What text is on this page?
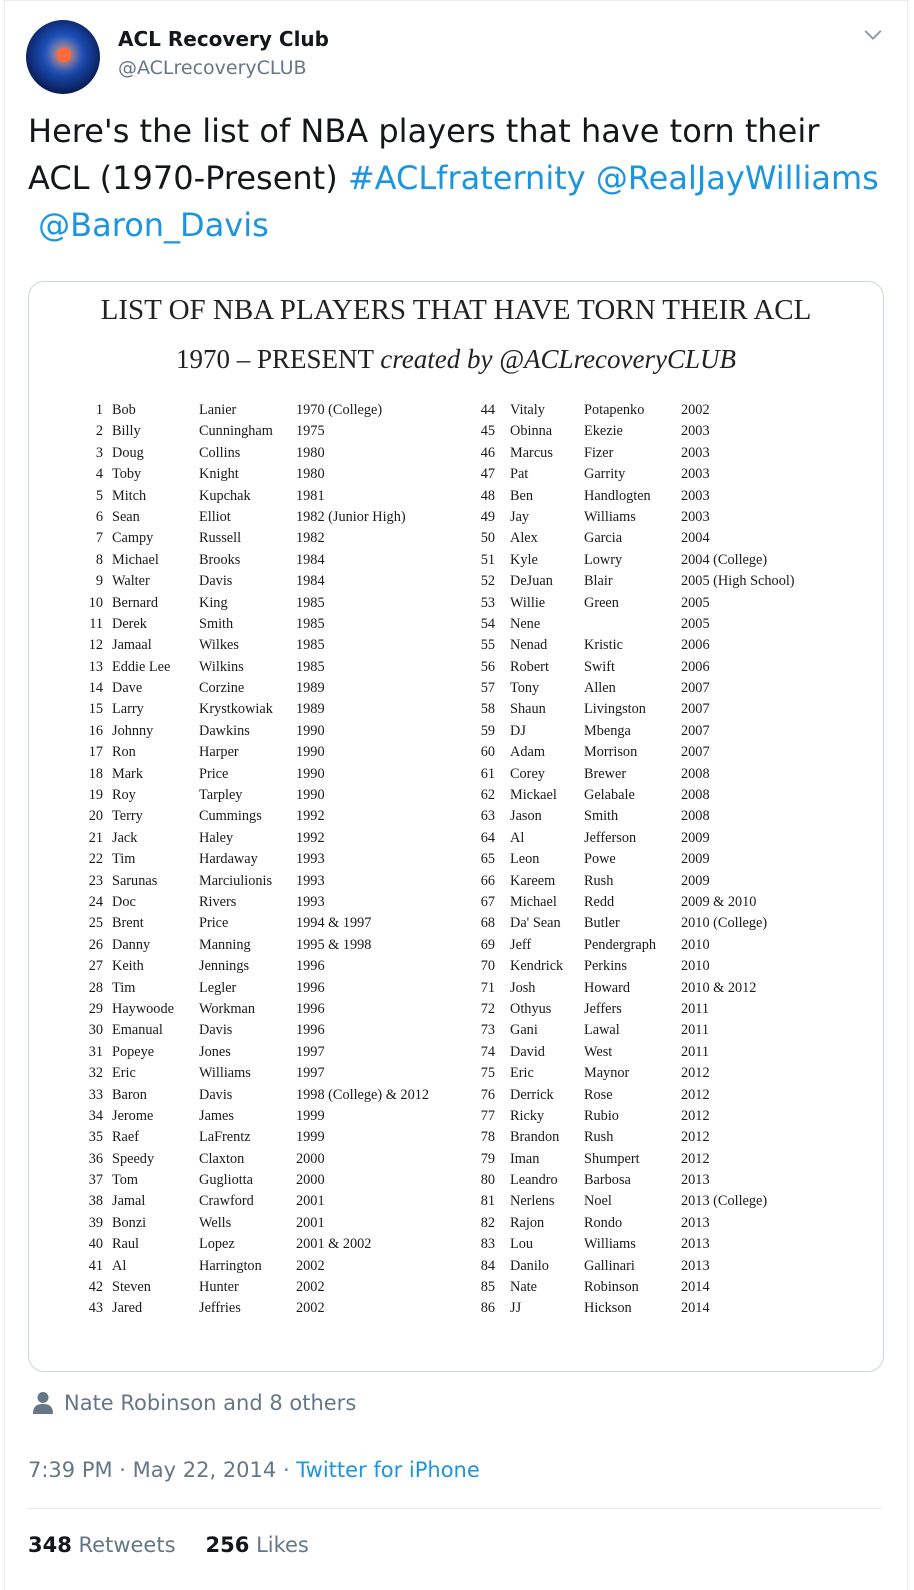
ACL Recovery Club
@ACLrecoveryCLUB
Here's the list of NBA players that have torn their ACL (1970-Present) #ACLfraternity @RealJayWilliams
@Baron_Davis
LIST OF NBA PLAYERS THAT HAVE TORN THEIR ACL
1970 – PRESENT created by @ACLrecoveryCLUB
1 Bob	Lanier	1970 (College)
2 Billy	Cunningham 1975
3 Doug	Collins	1980
4 Toby	Knight	1980
5 Mitch	Kupchak	1981
6 Sean	Elliot	1982 (Junior High)
7 Campy	Russell	1982
8 Michael	Brooks	1984
9 Walter	Davis	1984
10 Bernard	King	1985
11 Derek	Smith	1985
12 Jamaal	Wilkes	1985
13 Eddie Lee Wilkins	1985
14 Dave	Corzine	1989
15 Larry	Krystkowiak 1989
16 Johnny	Dawkins	1990
17 Ron	Harper	1990
18 Mark	Price	1990
19 Roy	Tarpley	1990
20 Terry	Cummings 1992
21 Jack	Haley	1992
22 Tim	Hardaway	1993
23 Sarunas	Marciulionis 1993
24 Doc	Rivers	1993
25 Brent	Price	1994 & 1997
26 Danny	Manning	1995 & 1998
27 Keith	Jennings	1996
28 Tim	Legler	1996
29 Haywoode Workman	1996
30 Emanual	Davis	1996
31 Popeye	Jones	1997
32 Eric	Williams	1997
33 Baron	Davis	1998 (College) & 2012
34 Jerome	James	1999
35 Raef	LaFrentz	1999
36 Speedy	Claxton	2000
37 Tom	Gugliotta	2000
38 Jamal	Crawford	2001
39 Bonzi	Wells	2001
40 Raul	Lopez	2001 & 2002
41 Al	Harrington 2002
42 Steven	Hunter	2002
43 Jared	Jeffries	2002
44 Vitaly	Potapenko	2002
45 Obinna Ekezie	2003
46 Marcus Fizer	2003
47 Pat	Garrity	2003
48 Ben	Handlogten 2003
49 Jay	Williams	2003
50 Alex	Garcia	2004
51 Kyle	Lowry	2004 (College)
52 DeJuan Blair	2005 (High School)
53 Willie	Green	2005
54 Nene	2005
55 Nenad	Kristic	2006
56 Robert Swift	2006
57 Tony	Allen	2007
58 Shaun	Livingston 2007
59 DJ	Mbenga	2007
60 Adam	Morrison	2007
61 Corey	Brewer	2008
62 Mickael Gelabale	2008
63 Jason	Smith	2008
64 Al	Jefferson	2009
65 Leon	Powe	2009
66 Kareem Rush	2009
67 Michael Redd	2009 & 2010
68 Da' Sean Butler	2010 (College)
69 Jeff	Pendergraph 2010
70 Kendrick Perkins	2010
71 Josh	Howard	2010 & 2012
72 Othyus Jeffers	2011
73 Gani	Lawal	2011
74 David	West	2011
75 Eric	Maynor	2012
76 Derrick Rose	2012
77 Ricky	Rubio	2012
78 Brandon Rush	2012
79 Iman	Shumpert	2012
80 Leandro Barbosa	2013
81 Nerlens Noel	2013 (College)
82 Rajon	Rondo	2013
83 Lou	Williams	2013
84 Danilo Gallinari	2013
85 Nate	Robinson	2014
86 JJ	Hickson	2014
Nate Robinson and 8 others
7:39 PM · May 22, 2014 · Twitter for iPhone
348 Retweets 256 Likes
